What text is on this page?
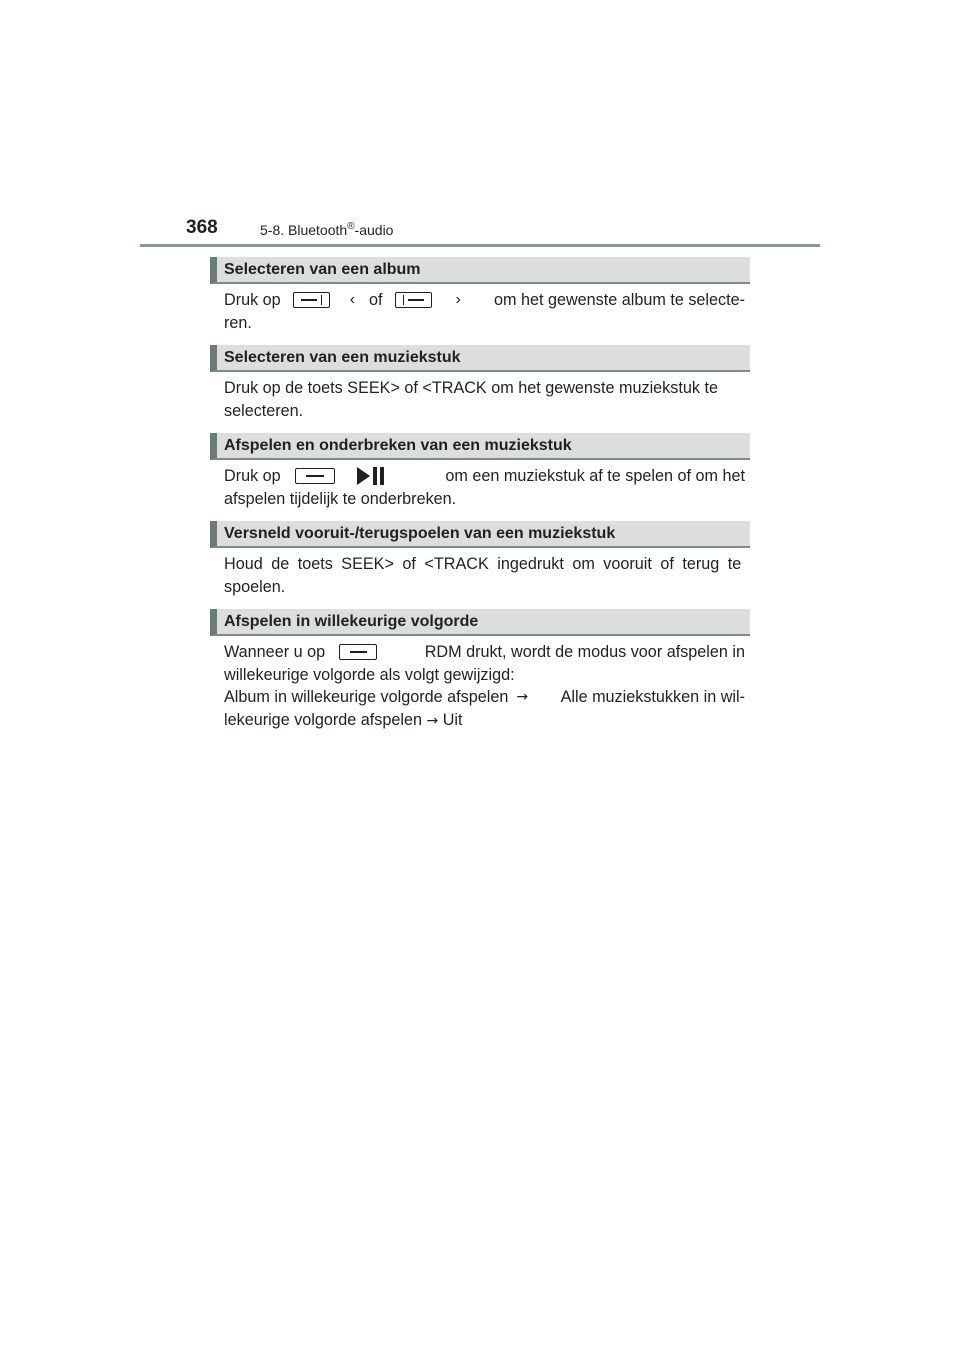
368	5-8. Bluetooth®-audio
Selecteren van een album
Druk op	‹ of	› om het gewenste album te selecte-
ren.
Selecteren van een muziekstuk
Druk op de toets SEEK> of <TRACK om het gewenste muziekstuk te
selecteren.
Afspelen en onderbreken van een muziekstuk
Druk op	om een muziekstuk af te spelen of om het
afspelen tijdelijk te onderbreken.
Versneld vooruit-/terugspoelen van een muziekstuk
Houd de toets SEEK> of <TRACK ingedrukt om vooruit of terug te
spoelen.
Afspelen in willekeurige volgorde
Wanneer u op	RDM drukt, wordt de modus voor afspelen in
willekeurige volgorde als volgt gewijzigd:
Album in willekeurige volgorde afspelen → Alle muziekstukken in wil-
lekeurige volgorde afspelen → Uit
